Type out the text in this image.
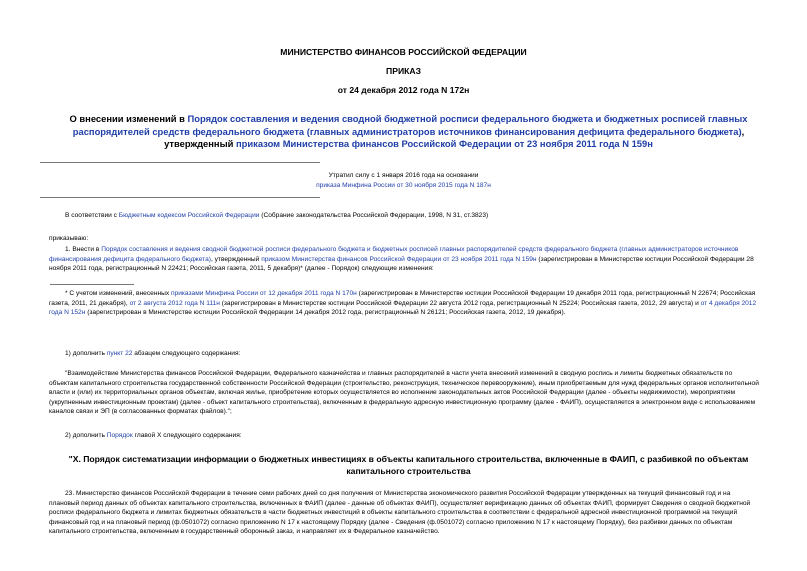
МИНИСТЕРСТВО ФИНАНСОВ РОССИЙСКОЙ ФЕДЕРАЦИИ
ПРИКАЗ
от 24 декабря 2012 года N 172н
О внесении изменений в Порядок составления и ведения сводной бюджетной росписи федерального бюджета и бюджетных росписей главных распорядителей средств федерального бюджета (главных администраторов источников финансирования дефицита федерального бюджета), утвержденный приказом Министерства финансов Российской Федерации от 23 ноября 2011 года N 159н
Утратил силу с 1 января 2016 года на основании
приказа Минфина России от 30 ноября 2015 года N 187н
В соответствии с Бюджетным кодексом Российской Федерации (Собрание законодательства Российской Федерации, 1998, N 31, ст.3823)
приказываю:
1. Внести в Порядок составления и ведения сводной бюджетной росписи федерального бюджета и бюджетных росписей главных распорядителей средств федерального бюджета (главных администраторов источников финансирования дефицита федерального бюджета), утвержденный приказом Министерства финансов Российской Федерации от 23 ноября 2011 года N 159н (зарегистрирован в Министерстве юстиции Российской Федерации 28 ноября 2011 года, регистрационный N 22421; Российская газета, 2011, 5 декабря)* (далее - Порядок) следующие изменения:
* С учетом изменений, внесенных приказами Минфина России от 12 декабря 2011 года N 170н (зарегистрирован в Министерстве юстиции Российской Федерации 19 декабря 2011 года, регистрационный N 22674; Российская газета, 2011, 21 декабря), от 2 августа 2012 года N 111н (зарегистрирован в Министерстве юстиции Российской Федерации 22 августа 2012 года, регистрационный N 25224; Российская газета, 2012, 29 августа) и от 4 декабря 2012 года N 152н (зарегистрирован в Министерстве юстиции Российской Федерации 14 декабря 2012 года, регистрационный N 26121; Российская газета, 2012, 19 декабря).
1) дополнить пункт 22 абзацем следующего содержания:
"Взаимодействие Министерства финансов Российской Федерации, Федерального казначейства и главных распорядителей в части учета внесений изменений в сводную роспись и лимиты бюджетных обязательств по объектам капитального строительства государственной собственности Российской Федерации (строительство, реконструкция, техническое перевооружение), иным приобретаемым для нужд федеральных органов исполнительной власти и (или) их территориальных органов объектам, включая жилье, приобретение которых осуществляется во исполнение законодательных актов Российской Федерации (далее - объекты недвижимости), мероприятиям (укрупненным инвестиционным проектам) (далее - объект капитального строительства), включенным в федеральную адресную инвестиционную программу (далее - ФАИП), осуществляется в электронном виде с использованием каналов связи и ЭП (в согласованных форматах файлов).";
2) дополнить Порядок главой X следующего содержания:
"X. Порядок систематизации информации о бюджетных инвестициях в объекты капитального строительства, включенные в ФАИП, с разбивкой по объектам капитального строительства
23. Министерство финансов Российской Федерации в течение семи рабочих дней со дня получения от Министерства экономического развития Российской Федерации утвержденных на текущий финансовый год и на плановый период данных об объектах капитального строительства, включенных в ФАИП (далее - данные об объектах ФАИП), осуществляет верификацию данных об объектах ФАИП, формирует Сведения о сводной бюджетной росписи федерального бюджета и лимитах бюджетных обязательств в части бюджетных инвестиций в объекты капитального строительства в соответствии с федеральной адресной инвестиционной программой на текущий финансовый год и на плановый период (ф.0501072) согласно приложению N 17 к настоящему Порядку (далее - Сведения (ф.0501072) согласно приложению N 17 к настоящему Порядку), без разбивки данных по объектам капитального строительства, включенным в государственный оборонный заказ, и направляет их в Федеральное казначейство.
